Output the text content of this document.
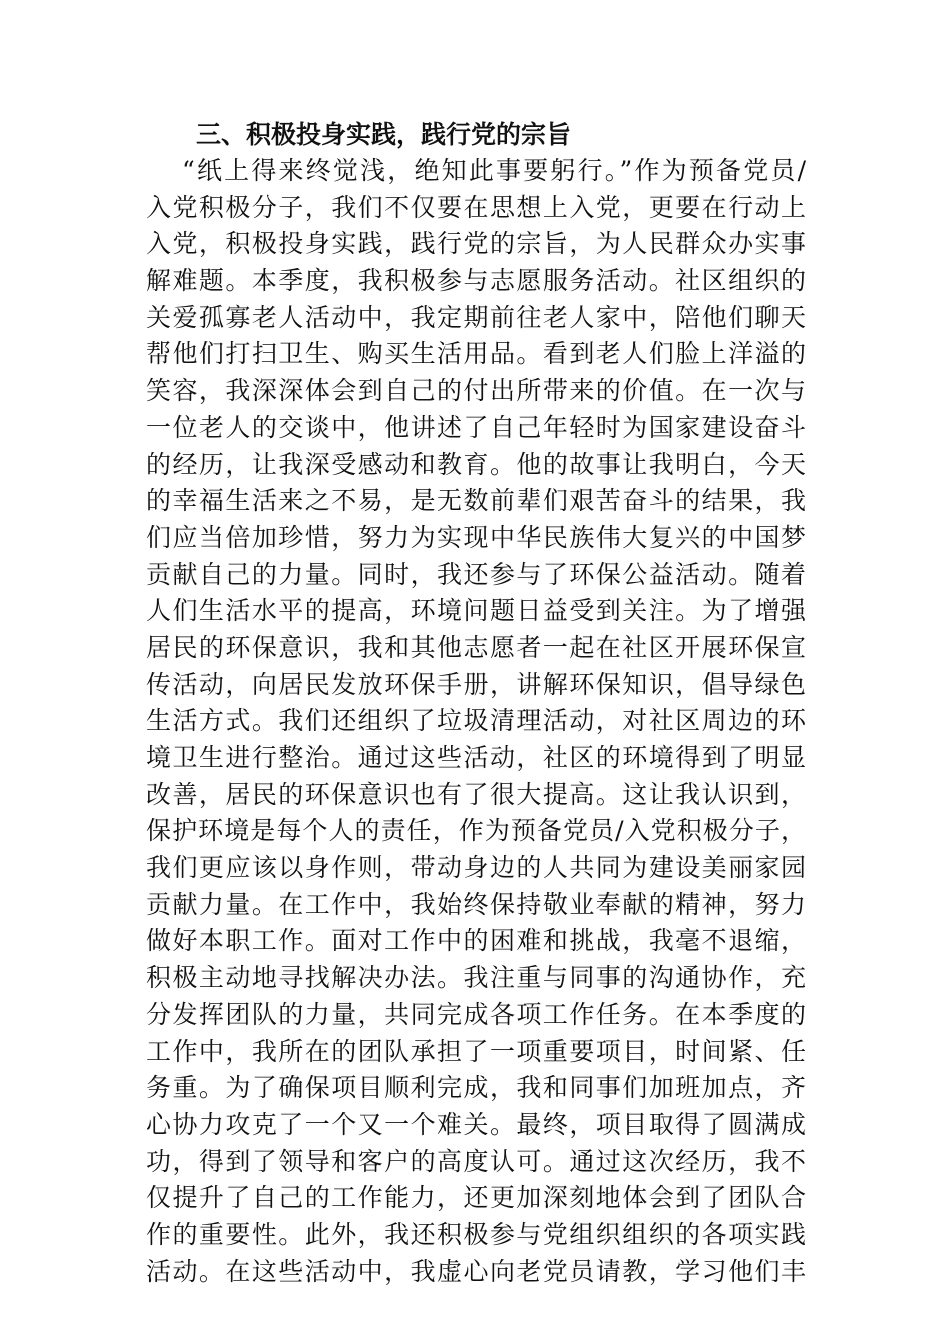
三、积极投身实践，践行党的宗旨

“纸上得来终觉浅，绝知此事要躬行。”作为预备党员/

入党积极分子，我们不仅要在思想上入党，更要在行动上

入党，积极投身实践，践行党的宗旨，为人民群众办实事

解难题。本季度，我积极参与志愿服务活动。社区组织的

关爱孤寡老人活动中，我定期前往老人家中，陪他们聊天

帮他们打扫卫生、购买生活用品。看到老人们脸上洋溢的

笑容，我深深体会到自己的付出所带来的价值。在一次与

一位老人的交谈中，他讲述了自己年轻时为国家建设奋斗

的经历，让我深受感动和教育。他的故事让我明白，今天

的幸福生活来之不易，是无数前辈们艰苦奋斗的结果，我

们应当倍加珍惜，努力为实现中华民族伟大复兴的中国梦

贡献自己的力量。同时，我还参与了环保公益活动。随着

人们生活水平的提高，环境问题日益受到关注。为了增强

居民的环保意识，我和其他志愿者一起在社区开展环保宣

传活动，向居民发放环保手册，讲解环保知识，倡导绿色

生活方式。我们还组织了垃圾清理活动，对社区周边的环

境卫生进行整治。通过这些活动，社区的环境得到了明显

改善，居民的环保意识也有了很大提高。这让我认识到，

保护环境是每个人的责任，作为预备党员/入党积极分子，

我们更应该以身作则，带动身边的人共同为建设美丽家园

贡献力量。在工作中，我始终保持敬业奉献的精神，努力

做好本职工作。面对工作中的困难和挑战，我毫不退缩，

积极主动地寻找解决办法。我注重与同事的沟通协作，充

分发挥团队的力量，共同完成各项工作任务。在本季度的

工作中，我所在的团队承担了一项重要项目，时间紧、任

务重。为了确保项目顺利完成，我和同事们加班加点，齐

心协力攻克了一个又一个难关。最终，项目取得了圆满成

功，得到了领导和客户的高度认可。通过这次经历，我不

仅提升了自己的工作能力，还更加深刻地体会到了团队合

作的重要性。此外，我还积极参与党组织组织的各项实践

活动。在这些活动中，我虚心向老党员请教，学习他们丰
